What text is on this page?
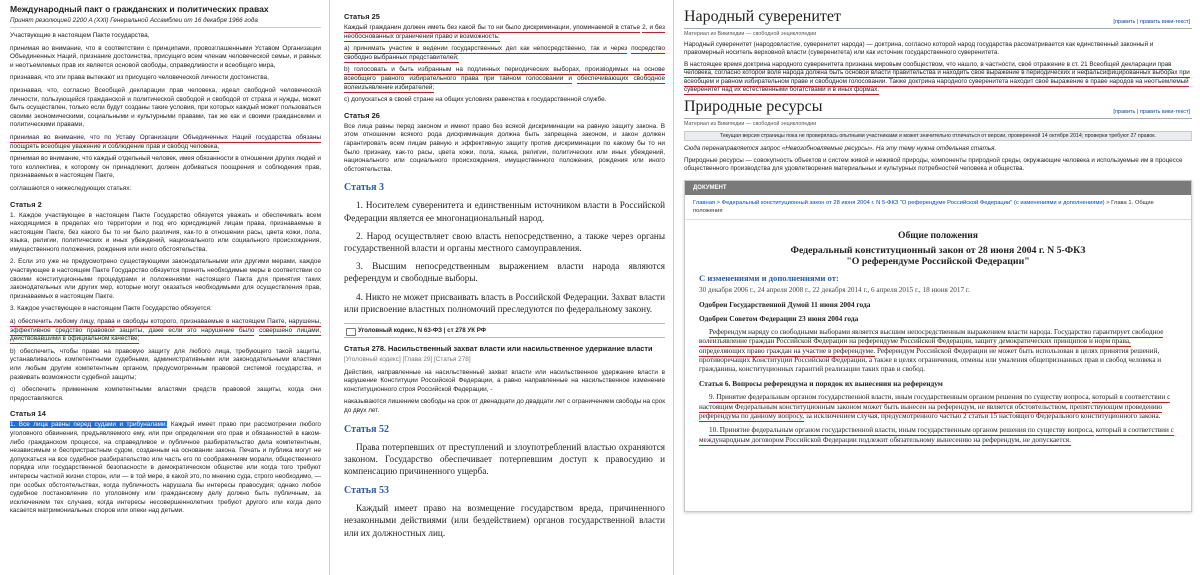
Международный пакт о гражданских и политических правах
Принят резолюцией 2200 A (XXI) Генеральной Ассамблеи от 16 декабря 1966 года

Участвующие в настоящем Пакте государства,

принимая во внимание, что в соответствии с принципами, провозглашенными Уставом Организации Объединенных Наций, признание достоинства, присущего всем членам человеческой семьи, и равных и неотъемлемых прав их является основой свободы, справедливости и всеобщего мира,

признавая, что эти права вытекают из присущего человеческой личности достоинства,

признавая, что, согласно Всеобщей декларации прав человека, идеал свободной человеческой личности, пользующейся гражданской и политической свободой и свободой от страха и нужды, может быть осуществлен, только если будут созданы такие условия, при которых каждый может пользоваться своими экономическими, социальными и культурными правами, так же как и своими гражданскими и политическими правами,

принимая во внимание, что по Уставу Организации Объединенных Наций государства обязаны поощрять всеобщее уважение и соблюдение прав и свобод человека,

принимая во внимание, что каждый отдельный человек, имея обязанности в отношении других людей и того коллектива, к которому он принадлежит, должен добиваться поощрения и соблюдения прав, признаваемых в настоящем Пакте,

соглашаются о нижеследующих статьях:

Статья 2

1. Каждое участвующее в настоящем Пакте Государство обязуется уважать и обеспечивать всем находящимся в пределах его территории и под его юрисдикцией лицам права, признаваемые в настоящем Пакте, без какого бы то ни было различия, как-то в отношении расы, цвета кожи, пола, языка, религии, политических и иных убеждений, национального или социального происхождения, имущественного положения, рождения или иного обстоятельства.

2. Если это уже не предусмотрено существующими законодательными или другими мерами, каждое участвующее в настоящем Пакте Государство обязуется принять необходимые меры в соответствии со своими конституционными процедурами и положениями настоящего Пакта для принятия таких законодательных или других мер, которые могут оказаться необходимыми для осуществления прав, признаваемых в настоящем Пакте.

3. Каждое участвующее в настоящем Пакте Государство обязуется:

a) обеспечить любому лицу, права и свободы которого, признаваемые в настоящем Пакте, нарушены, эффективное средство правовой защиты, даже если это нарушение было совершено лицами, действовавшими в официальном качестве;

b) обеспечить, чтобы право на правовую защиту для любого лица, требующего такой защиты, устанавливалось компетентными судебными, административными или законодательными властями или любым другим компетентным органом, предусмотренным правовой системой государства, и развивать возможности судебной защиты;

c) обеспечить применение компетентными властями средств правовой защиты, когда они предоставляются.

Статья 14

1. Все лица равны перед судами и трибуналами. Каждый имеет право при рассмотрении любого уголовного обвинения, предъявляемого ему, или при определении его прав и обязанностей в каком-либо гражданском процессе, на справедливое и публичное разбирательство дела компетентным, независимым и беспристрастным судом, созданным на основании закона. Печать и публика могут не допускаться на все судебное разбирательство или часть его по соображениям морали, общественного порядка или государственной безопасности в демократическом обществе или когда того требуют интересы частной жизни сторон, или — в той мере, в какой это, по мнению суда, строго необходимо, — при особых обстоятельствах, когда публичность нарушала бы интересы правосудия; однако любое судебное постановление по уголовному или гражданскому делу должно быть публичным, за исключением тех случаев, когда интересы несовершеннолетних требуют другого или когда дело касается матримониальных споров или опеки над детьми.

Статья 25

Каждый гражданин должен иметь без какой бы то ни было дискриминации, упоминаемой в статье 2, и без необоснованных ограничений право и возможность:

a) принимать участие в ведении государственных дел как непосредственно, так и через посредство свободно выбранных представителей;

b) голосовать и быть избранным на подлинных периодических выборах, производимых на основе всеобщего равного избирательного права при тайном голосовании и обеспечивающих свободное волеизъявление избирателей;

c) допускаться в своей стране на общих условиях равенства к государственной службе.

Статья 26

Все лица равны перед законом и имеют право без всякой дискриминации на равную защиту закона. В этом отношении всякого рода дискриминация должна быть запрещена законом, и закон должен гарантировать всем лицам равную и эффективную защиту против дискриминации по какому бы то ни было признаку, как-то расы, цвета кожи, пола, языка, религии, политических или иных убеждений, национального или социального происхождения, имущественного положения, рождения или иного обстоятельства.

Статья 3

1. Носителем суверенитета и единственным источником власти в Российской Федерации является ее многонациональный народ.

2. Народ осуществляет свою власть непосредственно, а также через органы государственной власти и органы местного самоуправления.

3. Высшим непосредственным выражением власти народа являются референдум и свободные выборы.

4. Никто не может присваивать власть в Российской Федерации. Захват власти или присвоение властных полномочий преследуются по федеральному закону.

Уголовный кодекс, N 63-ФЗ | ст 278 УК РФ
Статья 278. Насильственный захват власти или насильственное удержание власти

[Уголовный кодекс] [Глава 29] [Статья 278]

Действия, направленные на насильственный захват власти или насильственное удержание власти в нарушение Конституции Российской Федерации, а равно направленные на насильственное изменение конституционного строя Российской Федерации, -

наказываются лишением свободы на срок от двенадцати до двадцати лет с ограничением свободы на срок до двух лет.

Статья 52

Права потерпевших от преступлений и злоупотреблений властью охраняются законом. Государство обеспечивает потерпевшим доступ к правосудию и компенсацию причиненного ущерба.

Статья 53

Каждый имеет право на возмещение государством вреда, причиненного незаконными действиями (или бездействием) органов государственной власти или их должностных лиц.

Народный суверенитет	[править | править вики-текст]
Материал из Википедии — свободной энциклопедии

Народный суверенитет (народовластие, суверенитет народа) — доктрина, согласно которой народ государства рассматривается как единственный законный и правомерный носитель верховной власти (суверенитета) или как источник государственного суверенитета.

В настоящее время доктрина народного суверенитета признана мировым сообществом, что нашло, в частности, своё отражение в ст. 21 Всеобщей декларации прав человека, согласно которой воля народа должна быть основой власти правительства и находить своё выражение в периодических и нефальсифицированных выборах при всеобщем и равном избирательном праве и свободном голосовании. Также доктрина народного суверенитета находит своё выражение в праве народов на неотъемлемый суверенитет над их естественными богатствами и в иных формах.

Природные ресурсы	[править | править вики-текст]
Материал из Википедии — свободной энциклопедии
Текущая версия страницы пока не проверялась опытными участниками и может значительно отличаться от версии, проверенной 14 октября 2014; проверки требуют 27 правок.

Сюда перенаправляется запрос «Невозобновляемые ресурсы». На эту тему нужна отдельная статья.

Природные ресурсы — совокупность объектов и систем живой и неживой природы, компоненты природной среды, окружающие человека и используемые им в процессе общественного производства для удовлетворения материальных и культурных потребностей человека и общества.

ДОКУМЕНТ
Главная > Федеральный конституционный закон от 28 июня 2004 г. N 5-ФКЗ "О референдуме Российской Федерации" (с изменениями и дополнениями) > Глава 1. Общие положения
Общие положения
Федеральный конституционный закон от 28 июня 2004 г. N 5-ФКЗ
"О референдуме Российской Федерации"
С изменениями и дополнениями от:

30 декабря 2006 г., 24 апреля 2008 г., 22 декабря 2014 г., 6 апреля 2015 г., 18 июня 2017 г.

Одобрен Государственной Думой 11 июня 2004 года

Одобрен Советом Федерации 23 июня 2004 года

Референдум наряду со свободными выборами является высшим непосредственным выражением власти народа. Государство гарантирует свободное волеизъявление граждан Российской Федерации на референдуме Российской Федерации, защиту демократических принципов и норм права, определяющих право граждан на участие в референдуме. Референдум Российской Федерации не может быть использован в целях принятия решений, противоречащих Конституции Российской Федерации, а также в целях ограничения, отмены или умаления общепризнанных прав и свобод человека и гражданина, конституционных гарантий реализации таких прав и свобод.

Статья 6. Вопросы референдума и порядок их вынесения на референдум

9. Принятие федеральным органом государственной власти, иным государственным органом решения по существу вопроса, который в соответствии с настоящим Федеральным конституционным законом может быть вынесен на референдум, не является обстоятельством, препятствующим проведению референдума по данному вопросу, за исключением случая, предусмотренного частью 2 статьи 15 настоящего Федерального конституционного закона.

10. Принятие федеральным органом государственной власти, иным государственным органом решения по существу вопроса, который в соответствии с международным договором Российской Федерации подлежит обязательному вынесению на референдум, не допускается.
